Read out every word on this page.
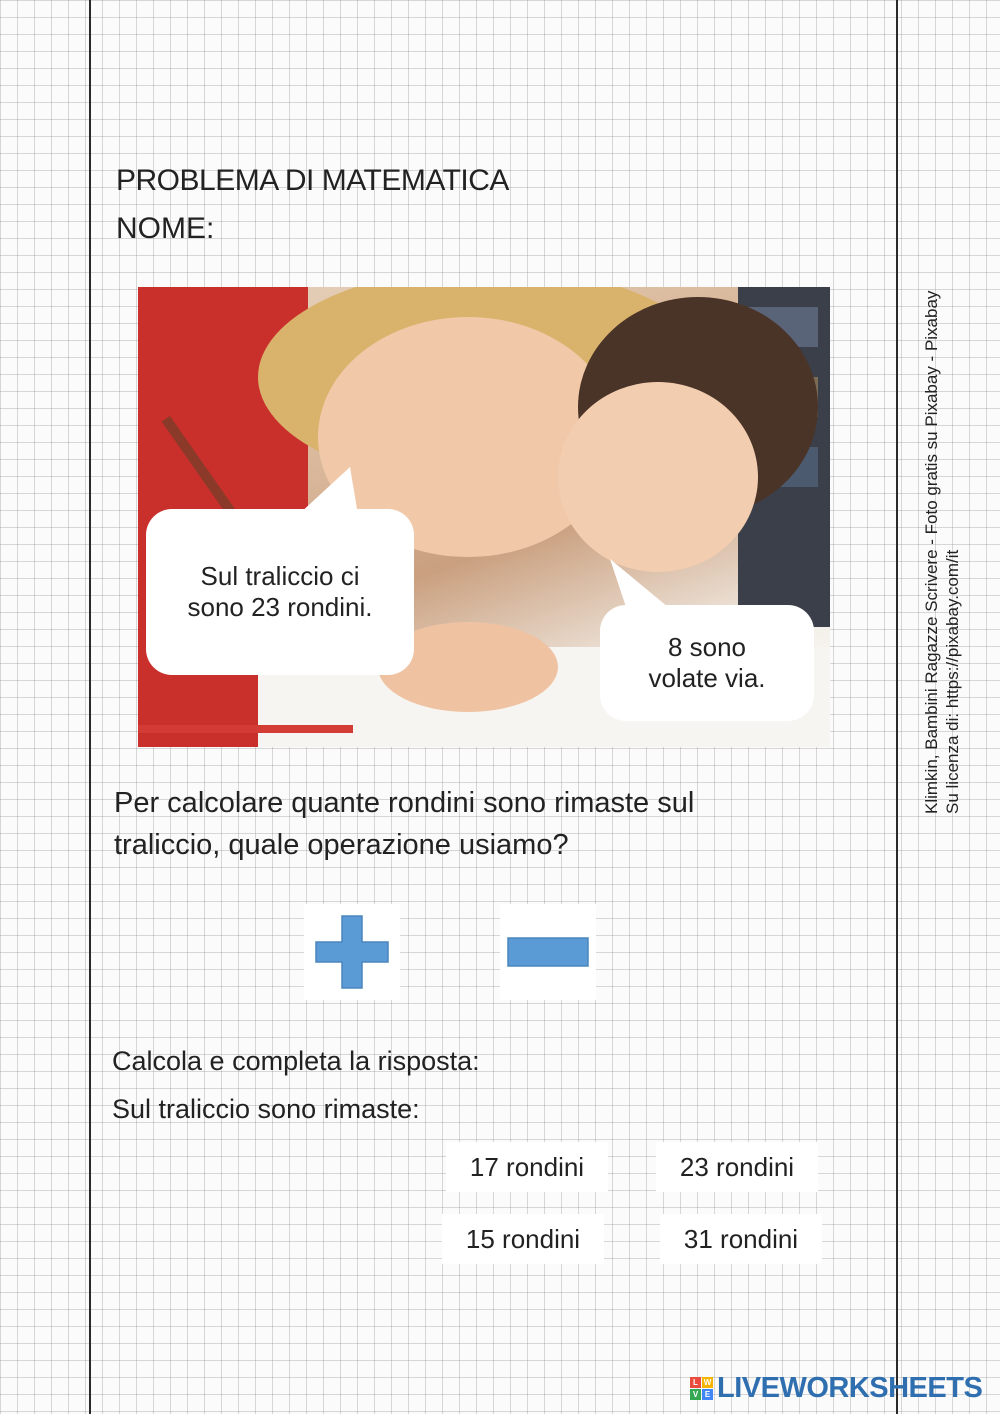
PROBLEMA DI MATEMATICA
NOME:
Sul traliccio ci
sono 23 rondini.
8 sono
volate via.
Per calcolare quante rondini sono rimaste sul
traliccio, quale operazione usiamo?
Calcola e completa la risposta:
Sul traliccio sono rimaste:
17 rondini	23 rondini
15 rondini	31 rondini
Klimkin, Bambini Ragazze Scrivere - Foto gratis su Pixabay - Pixabay Su licenza di: https://pixabay.com/it
L W
V E LIVEWORKSHEETS
